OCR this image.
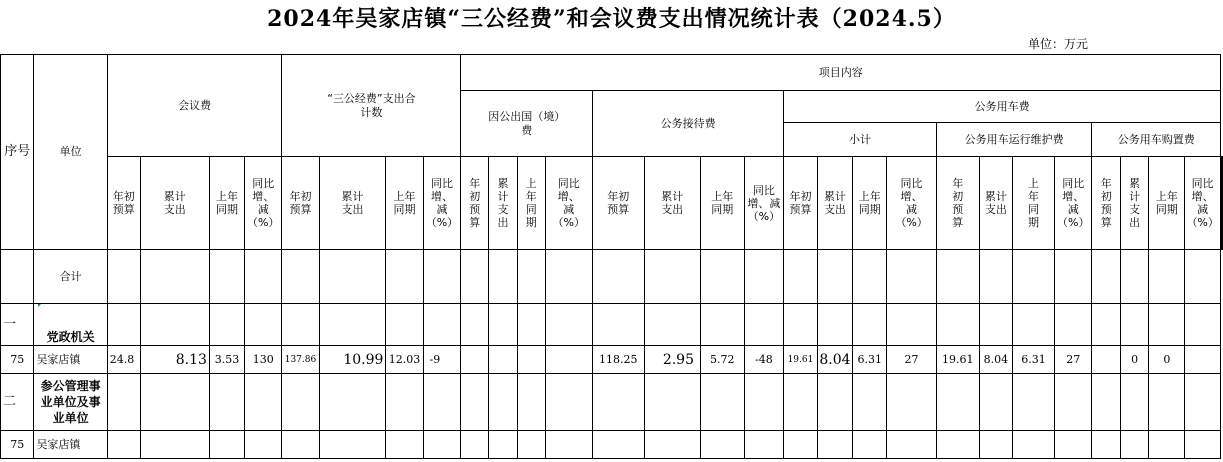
2024年吴家店镇“三公经费”和会议费支出情况统计表（2024.5）
单位：万元
序号	单位	会议费				“三公经费”支出合计数				项目内容																				
										因公出国（境）费				公务接待费				公务用车费												
																		小计				公务用车运行维护费				公务用车购置费				
		年初预算	累计支出	上年同期	同比增、减（%）	年初预算	累计支出	上年同期	同比增、减（%）	年初预算	累计支出	上年同期	同比增、减（%）	年初预算	累计支出	上年同期	同比增、减（%）	年初预算	累计支出	上年同期	同比增、减（%）	年初预算	累计支出	上年同期	同比增、减（%）	年初预算	累计支出	上年同期	同比增、减（%）		
	合计																													
一	党政机关																													
75	吴家店镇	24.8	8.13	3.53	130	137.86	10.99	12.03	-9					118.25	2.95	5.72	-48	19.61	8.04	6.31	27	19.61	8.04	6.31	27		0	0		
二	参公管理事业单位及事业单位																													
75	吴家店镇																													
